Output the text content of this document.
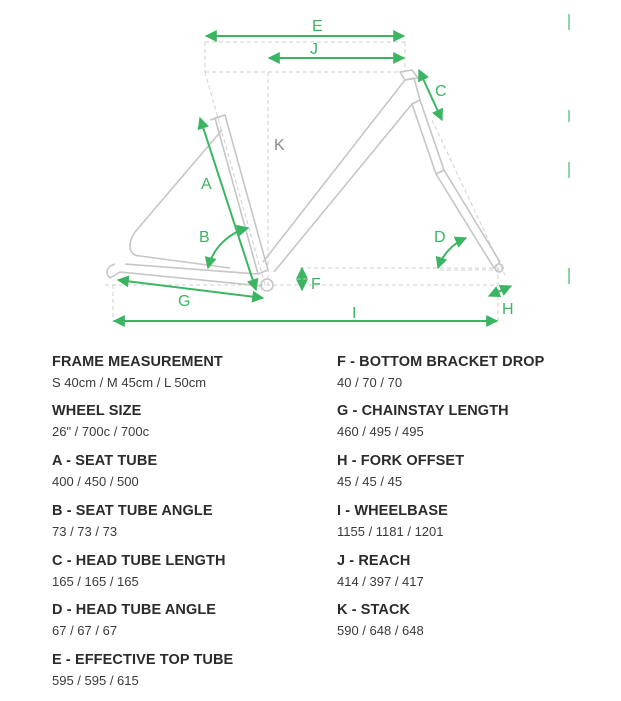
E
J
C
A
B	D
F
G	H
I
K
FRAME MEASUREMENT
S 40cm / M 45cm / L 50cm
WHEEL SIZE
26" / 700c / 700c
A - SEAT TUBE
400 / 450 / 500
B - SEAT TUBE ANGLE
73 / 73 / 73
C - HEAD TUBE LENGTH
165 / 165 / 165
D - HEAD TUBE ANGLE
67 / 67 / 67
E - EFFECTIVE TOP TUBE
595 / 595 / 615
F - BOTTOM BRACKET DROP
40 / 70 / 70
G - CHAINSTAY LENGTH
460 / 495 / 495
H - FORK OFFSET
45 / 45 / 45
I - WHEELBASE
1155 / 1181 / 1201
J - REACH
414 / 397 / 417
K - STACK
590 / 648 / 648
